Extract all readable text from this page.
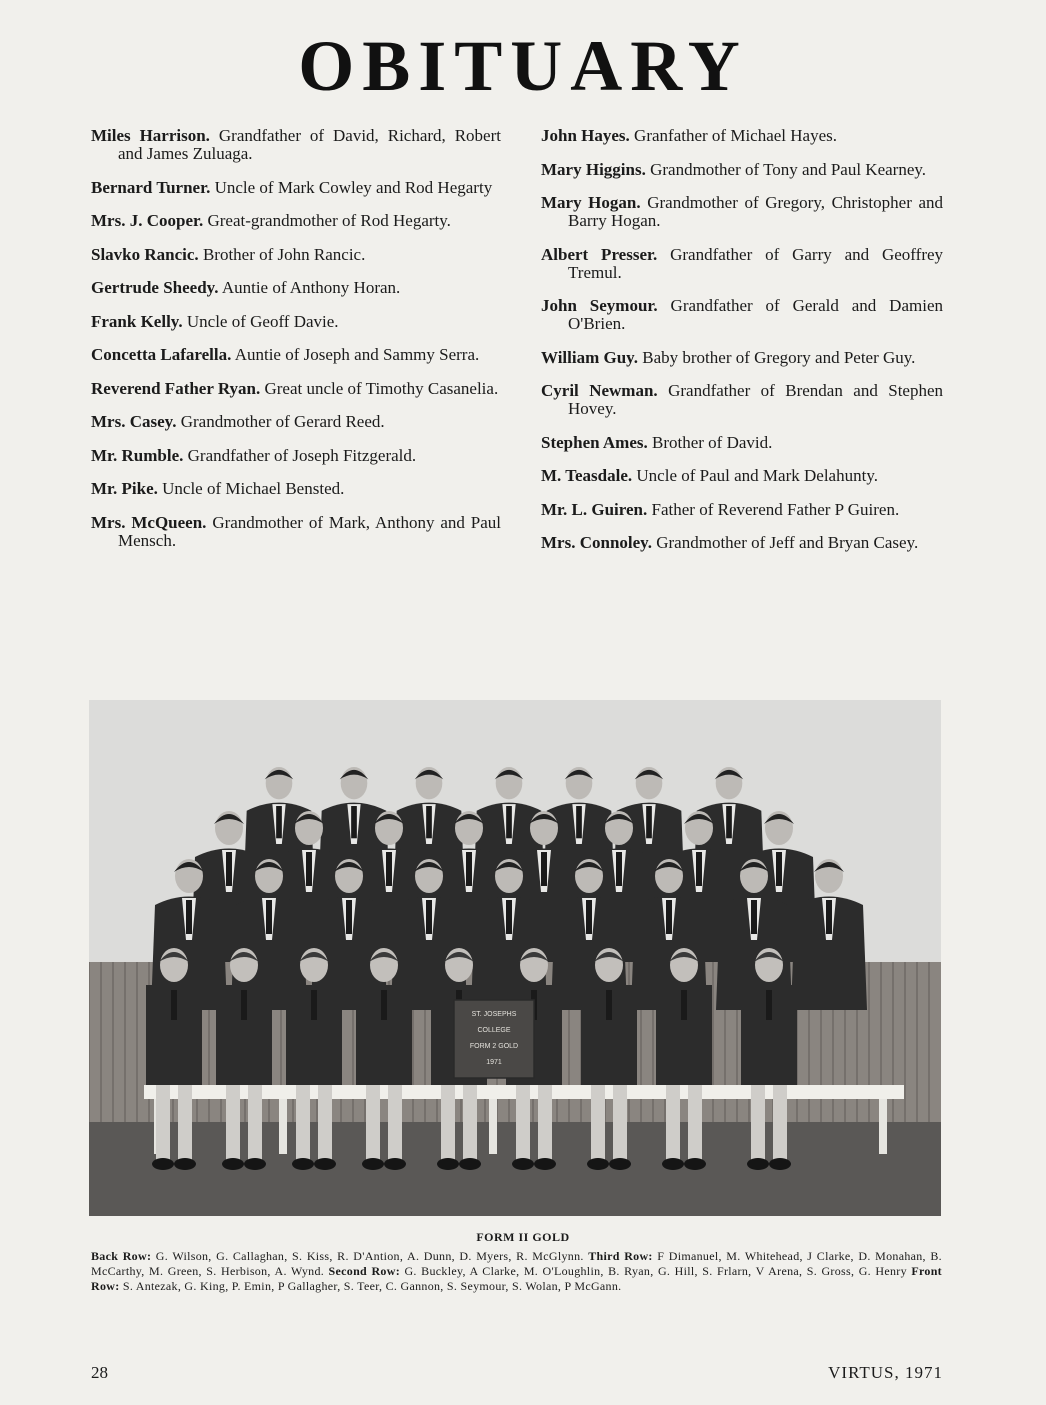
OBITUARY

Miles Harrison. Grandfather of David, Richard, Robert and James Zuluaga.

Bernard Turner. Uncle of Mark Cowley and Rod Hegarty

Mrs. J. Cooper. Great-grandmother of Rod Hegarty.

Slavko Rancic. Brother of John Rancic.

Gertrude Sheedy. Auntie of Anthony Horan.

Frank Kelly. Uncle of Geoff Davie.

Concetta Lafarella. Auntie of Joseph and Sammy Serra.

Reverend Father Ryan. Great uncle of Timothy Casanelia.

Mrs. Casey. Grandmother of Gerard Reed.

Mr. Rumble. Grandfather of Joseph Fitzgerald.

Mr. Pike. Uncle of Michael Bensted.

Mrs. McQueen. Grandmother of Mark, Anthony and Paul Mensch.

John Hayes. Granfather of Michael Hayes.

Mary Higgins. Grandmother of Tony and Paul Kearney.

Mary Hogan. Grandmother of Gregory, Christopher and Barry Hogan.

Albert Presser. Grandfather of Garry and Geoffrey Tremul.

John Seymour. Grandfather of Gerald and Damien O'Brien.

William Guy. Baby brother of Gregory and Peter Guy.

Cyril Newman. Grandfather of Brendan and Stephen Hovey.

Stephen Ames. Brother of David.

M. Teasdale. Uncle of Paul and Mark Delahunty.

Mr. L. Guiren. Father of Reverend Father P Guiren.

Mrs. Connoley. Grandmother of Jeff and Bryan Casey.

ST. JOSEPHS
COLLEGE
FORM 2 GOLD
1971
FORM II GOLD
Back Row: G. Wilson, G. Callaghan, S. Kiss, R. D'Antion, A. Dunn, D. Myers, R. McGlynn. Third Row: F Dimanuel, M. Whitehead, J Clarke, D. Monahan, B. McCarthy, M. Green, S. Herbison, A. Wynd. Second Row: G. Buckley, A Clarke, M. O'Loughlin, B. Ryan, G. Hill, S. Frlarn, V Arena, S. Gross, G. Henry Front Row: S. Antezak, G. King, P. Emin, P Gallagher, S. Teer, C. Gannon, S. Seymour, S. Wolan, P McGann.
28	VIRTUS, 1971
